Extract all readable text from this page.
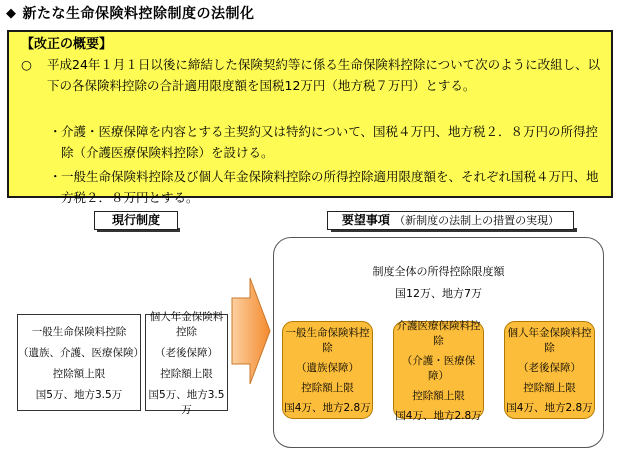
◆ 新たな生命保険料控除制度の法制化
【改正の概要】
○ 平成24年１月１日以後に締結した保険契約等に係る生命保険料控除について次のように改組し、以下の各保険料控除の合計適用限度額を国税12万円（地方税７万円）とする。
・ 介護・医療保障を内容とする主契約又は特約について、国税４万円、地方税２．８万円の所得控除（介護医療保険料控除）を設ける。
・ 一般生命保険料控除及び個人年金保険料控除の所得控除適用限度額を、それぞれ国税４万円、地方税２．８万円とする。
現行制度	要望事項 （新制度の法制上の措置の実現）
一般生命保険料控除
（遺族、介護、医療保険）
控除額上限
国5万、地方3.5万
個人年金保険料控除
（老後保障）
控除額上限
国5万、地方3.5万
制度全体の所得控除限度額
国12万、地方7万
一般生命保険料控除
（遺族保障）
控除額上限
国4万、地方2.8万
介護医療保険料控除
（介護・医療保障）
控除額上限
国4万、地方2.8万
個人年金保険料控除
（老後保障）
控除額上限
国4万、地方2.8万
